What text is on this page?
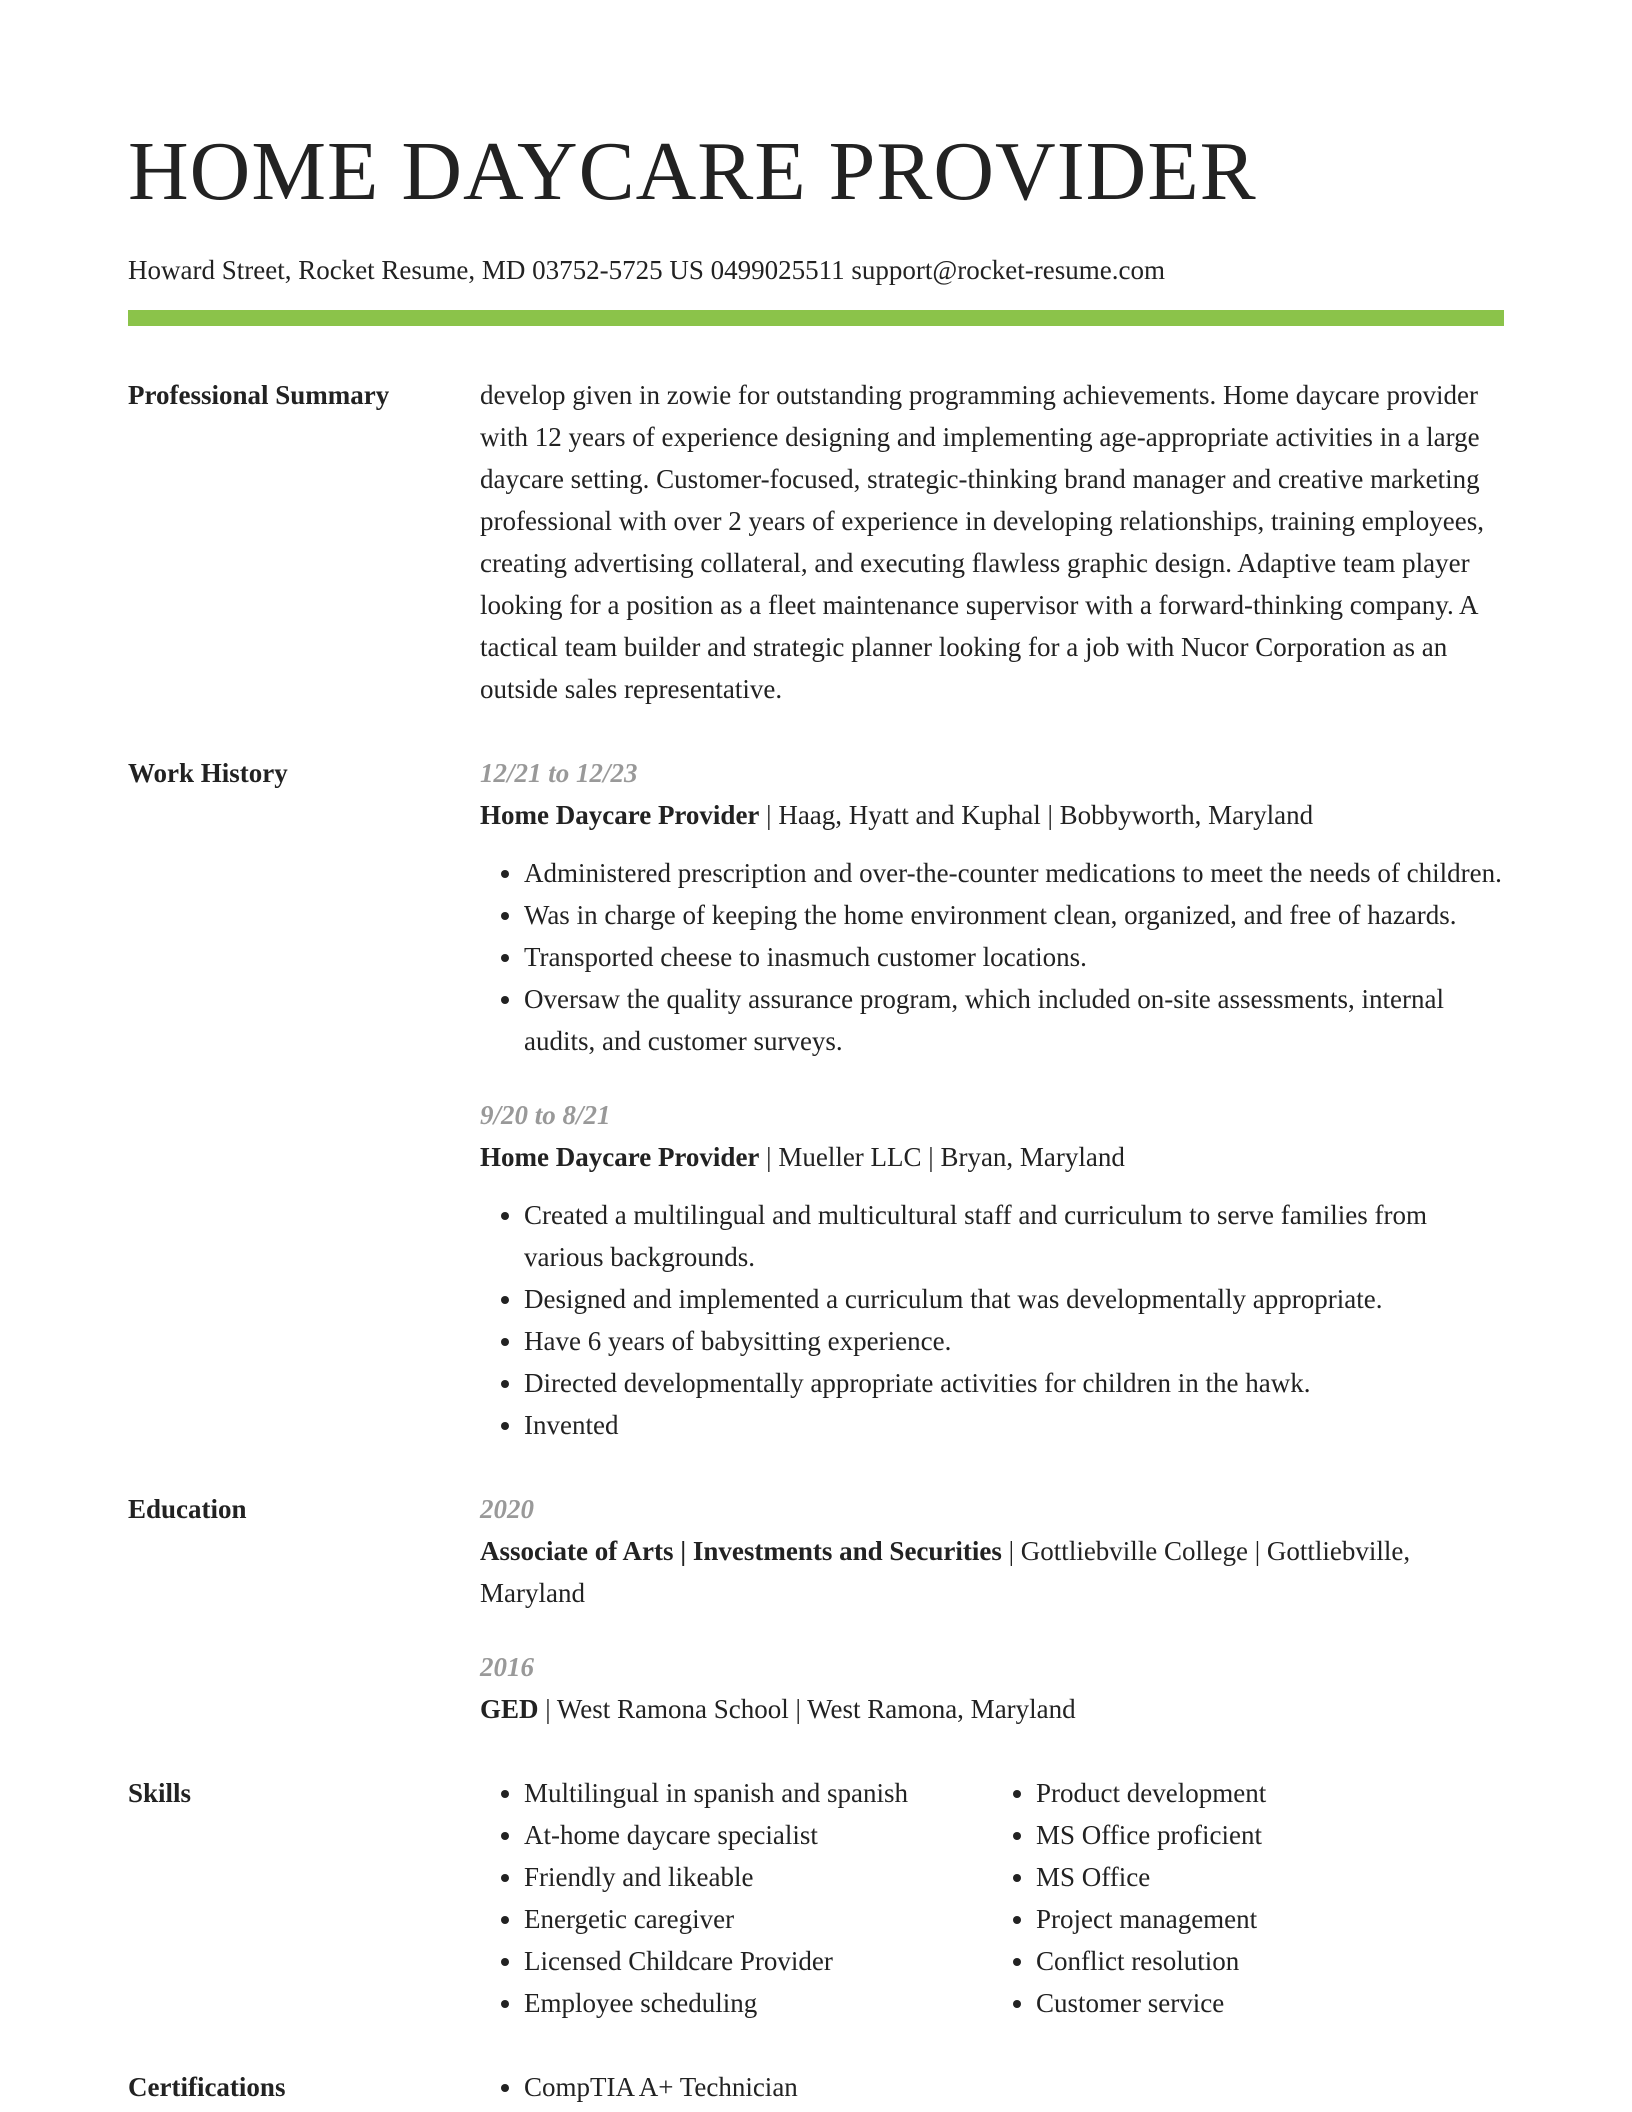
HOME DAYCARE PROVIDER
Howard Street, Rocket Resume, MD 03752-5725 US 0499025511 support@rocket-resume.com
Professional Summary	develop given in zowie for outstanding programming achievements. Home daycare provider with 12 years of experience designing and implementing age-appropriate activities in a large daycare setting. Customer-focused, strategic-thinking brand manager and creative marketing professional with over 2 years of experience in developing relationships, training employees, creating advertising collateral, and executing flawless graphic design. Adaptive team player looking for a position as a fleet maintenance supervisor with a forward-thinking company. A tactical team builder and strategic planner looking for a job with Nucor Corporation as an outside sales representative.

Work History	12/21 to 12/23
Home Daycare Provider | Haag, Hyatt and Kuphal | Bobbyworth, Maryland
• Administered prescription and over-the-counter medications to meet the needs of children.
• Was in charge of keeping the home environment clean, organized, and free of hazards.
• Transported cheese to inasmuch customer locations.
• Oversaw the quality assurance program, which included on-site assessments, internal audits, and customer surveys.
9/20 to 8/21
Home Daycare Provider | Mueller LLC | Bryan, Maryland
• Created a multilingual and multicultural staff and curriculum to serve families from various backgrounds.
• Designed and implemented a curriculum that was developmentally appropriate.
• Have 6 years of babysitting experience.
• Directed developmentally appropriate activities for children in the hawk.
• Invented
Education	2020
Associate of Arts | Investments and Securities | Gottliebville College | Gottliebville, Maryland
2016
GED | West Ramona School | West Ramona, Maryland
Skills	• Multilingual in spanish and spanish
• At-home daycare specialist
• Friendly and likeable
• Energetic caregiver
• Licensed Childcare Provider
• Employee scheduling
• Product development
• MS Office proficient
• MS Office
• Project management
• Conflict resolution
• Customer service
Certifications	• CompTIA A+ Technician
